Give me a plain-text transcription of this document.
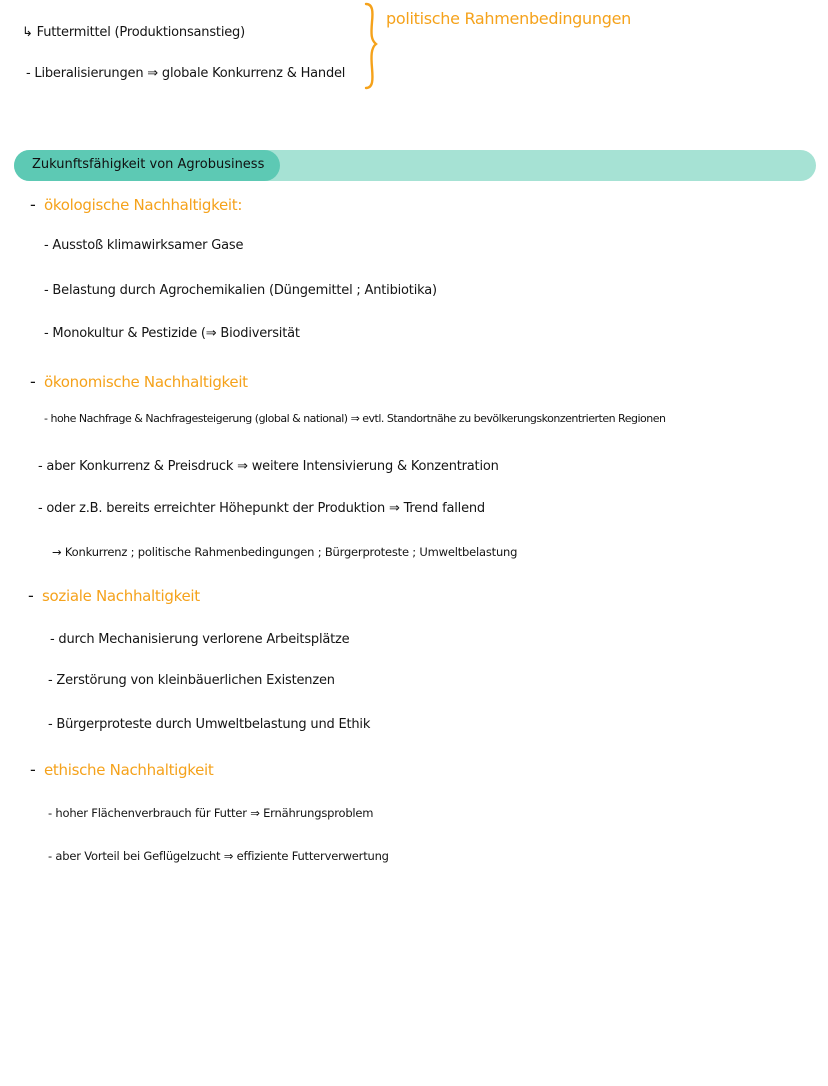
↳ Futtermittel (Produktionsanstieg)
- Liberalisierungen ⇒ globale Konkurrenz & Handel
politische Rahmenbedingungen
Zukunftsfähigkeit von Agrobusiness
- ökologische Nachhaltigkeit:
- Ausstoß klimawirksamer Gase
- Belastung durch Agrochemikalien (Düngemittel ; Antibiotika)
- Monokultur & Pestizide (⇒ Biodiversität
- ökonomische Nachhaltigkeit
- hohe Nachfrage & Nachfragesteigerung (global & national) ⇒ evtl. Standortnähe zu bevölkerungskonzentrierten Regionen
- aber Konkurrenz & Preisdruck ⇒ weitere Intensivierung & Konzentration
- oder z.B. bereits erreichter Höhepunkt der Produktion ⇒ Trend fallend
→ Konkurrenz ; politische Rahmenbedingungen ; Bürgerproteste ; Umweltbelastung
- soziale Nachhaltigkeit
- durch Mechanisierung verlorene Arbeitsplätze
- Zerstörung von kleinbäuerlichen Existenzen
- Bürgerproteste durch Umweltbelastung und Ethik
- ethische Nachhaltigkeit
- hoher Flächenverbrauch für Futter ⇒ Ernährungsproblem
- aber Vorteil bei Geflügelzucht ⇒ effiziente Futterverwertung
